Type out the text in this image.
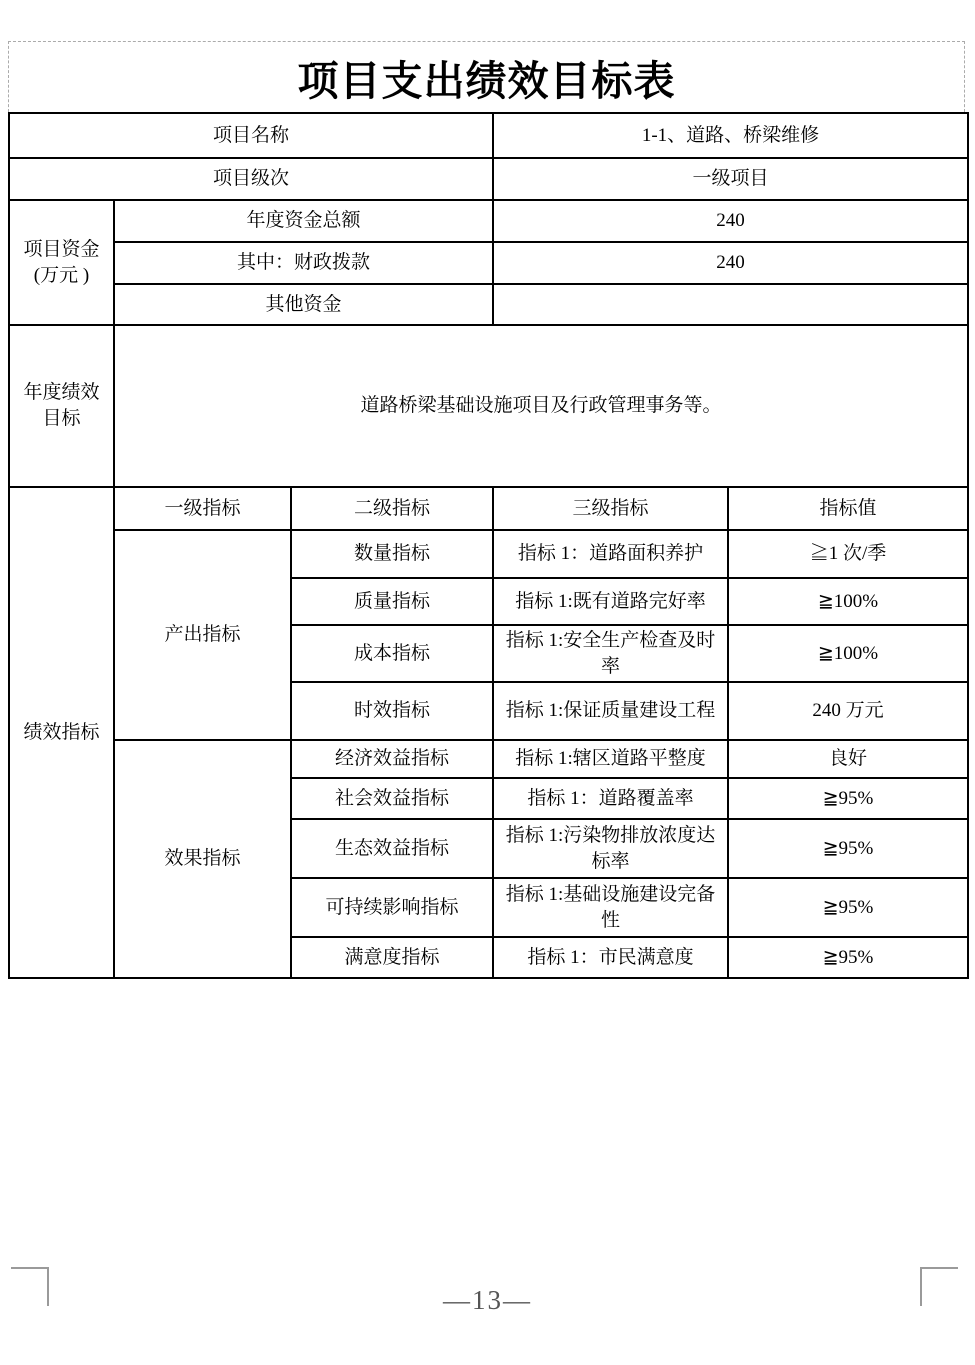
项目支出绩效目标表
项目名称			1-1、道路、桥梁维修	
项目级次			一级项目	

项目资金
(万元 )	年度资金总额		240	
	其中：财政拨款		240	
	其他资金			

年度绩效
目标	道路桥梁基础设施项目及行政管理事务等。			
绩效指标	一级指标	二级指标	三级指标	指标值
	产出指标	数量指标	指标 1：道路面积养护	≧1 次/季
		质量指标	指标 1:既有道路完好率	≧100%
		成本指标	指标 1:安全生产检查及时率	≧100%
		时效指标	指标 1:保证质量建设工程	240 万元
	效果指标	经济效益指标	指标 1:辖区道路平整度	良好
		社会效益指标	指标 1：道路覆盖率	≧95%
		生态效益指标	指标 1:污染物排放浓度达标率	≧95%
		可持续影响指标	指标 1:基础设施建设完备性	≧95%
		满意度指标	指标 1：市民满意度	≧95%
—13—
